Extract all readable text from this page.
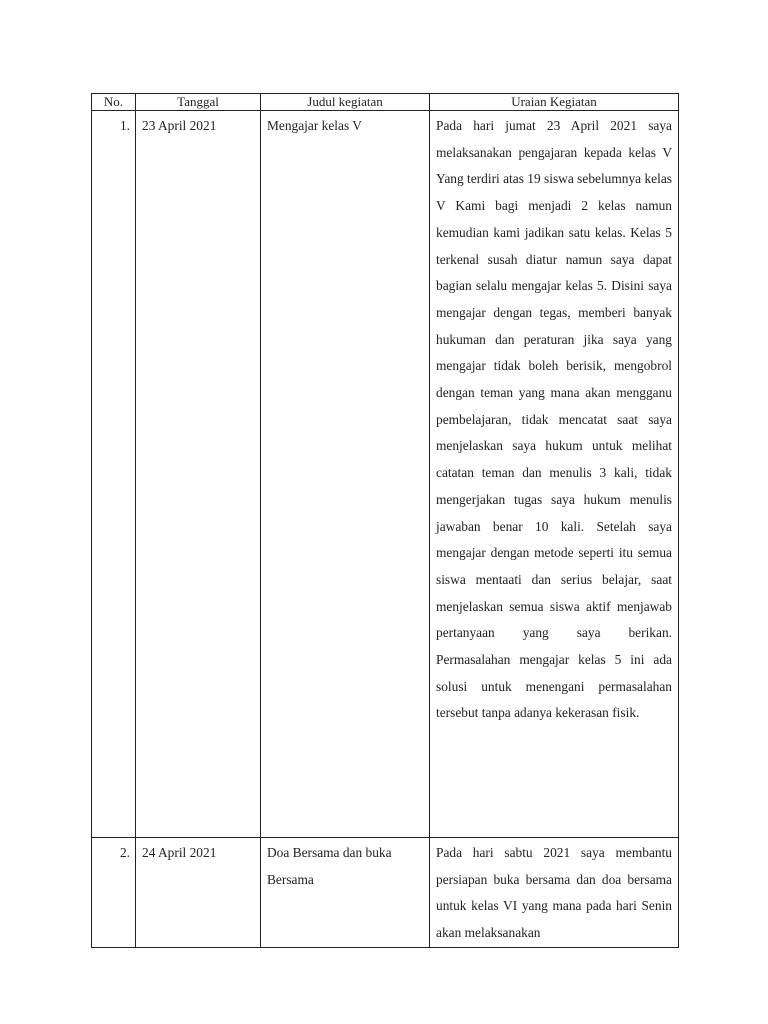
No.	Tanggal	Judul kegiatan	Uraian Kegiatan

1.	23 April 2021	Mengajar kelas V	Pada hari jumat 23 April 2021 saya melaksanakan pengajaran kepada kelas V Yang terdiri atas 19 siswa sebelumnya kelas V Kami bagi menjadi 2 kelas namun kemudian kami jadikan satu kelas. Kelas 5 terkenal susah diatur namun saya dapat bagian selalu mengajar kelas 5. Disini saya mengajar dengan tegas, memberi banyak hukuman dan peraturan jika saya yang mengajar tidak boleh berisik, mengobrol dengan teman yang mana akan mengganu pembelajaran, tidak mencatat saat saya menjelaskan saya hukum untuk melihat catatan teman dan menulis 3 kali, tidak mengerjakan tugas saya hukum menulis jawaban benar 10 kali. Setelah saya mengajar dengan metode seperti itu semua siswa mentaati dan serius belajar, saat menjelaskan semua siswa aktif menjawab pertanyaan yang saya berikan. Permasalahan mengajar kelas 5 ini ada solusi untuk menengani permasalahan tersebut tanpa adanya kekerasan fisik.

2.	24 April 2021	Doa Bersama dan buka Bersama	Pada hari sabtu 2021 saya membantu persiapan buka bersama dan doa bersama untuk kelas VI yang mana pada hari Senin akan melaksanakan
